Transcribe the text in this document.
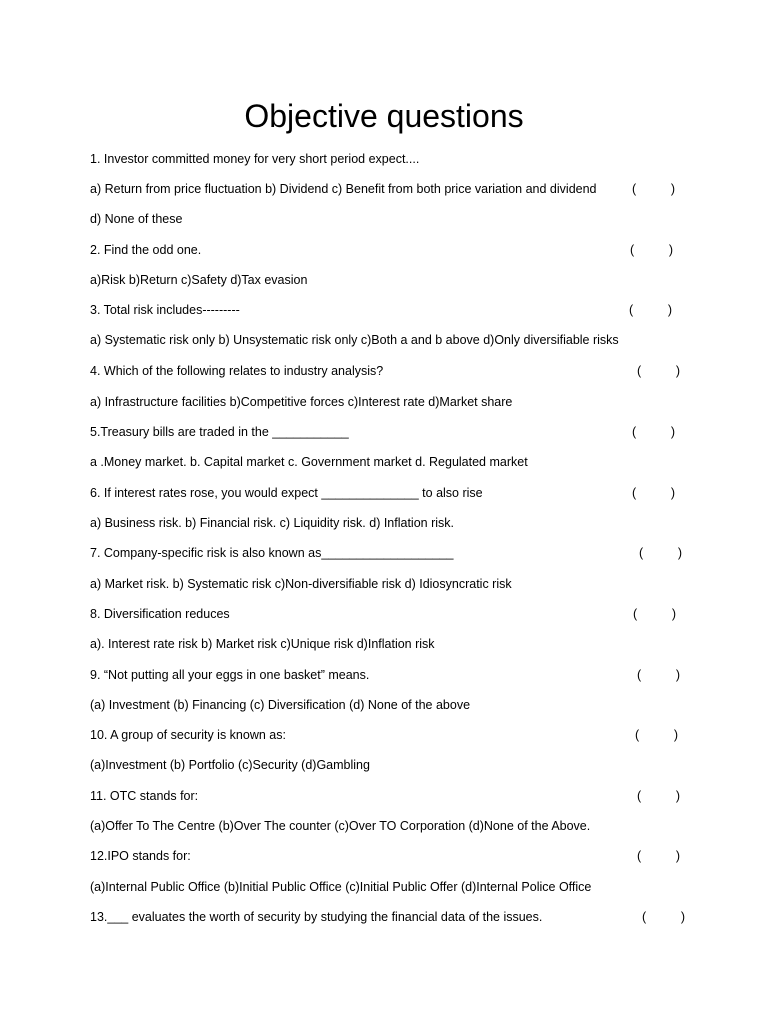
Objective questions
1. Investor committed money for very short period expect....
a) Return from price fluctuation b) Dividend c) Benefit from both price variation and dividend	(          )
d) None of these
2. Find the odd one.	(          )
a)Risk b)Return c)Safety d)Tax evasion
3. Total risk includes---------	(          )
a) Systematic risk only b) Unsystematic risk only c)Both a and b above d)Only diversifiable risks
4. Which of the following relates to industry analysis?	(          )
a) Infrastructure facilities b)Competitive forces c)Interest rate d)Market share
5.Treasury bills are traded in the ___________	(          )
a .Money market. b. Capital market c. Government market d. Regulated market
6. If interest rates rose, you would expect ______________ to also rise	(          )
a) Business risk. b) Financial risk. c) Liquidity risk. d) Inflation risk.
7. Company-specific risk is also known as___________________	(          )
a) Market risk. b) Systematic risk c)Non-diversifiable risk d) Idiosyncratic risk
8. Diversification reduces	(          )
a). Interest rate risk b) Market risk c)Unique risk d)Inflation risk
9. “Not putting all your eggs in one basket” means.	(          )
(a) Investment (b) Financing (c) Diversification (d) None of the above
10. A group of security is known as:	(          )
(a)Investment (b) Portfolio (c)Security (d)Gambling
11. OTC stands for:	(          )
(a)Offer To The Centre (b)Over The counter (c)Over TO Corporation (d)None of the Above.
12.IPO stands for:	(          )
(a)Internal Public Office (b)Initial Public Office (c)Initial Public Offer (d)Internal Police Office
13.___ evaluates the worth of security by studying the financial data of the issues.	(          )
